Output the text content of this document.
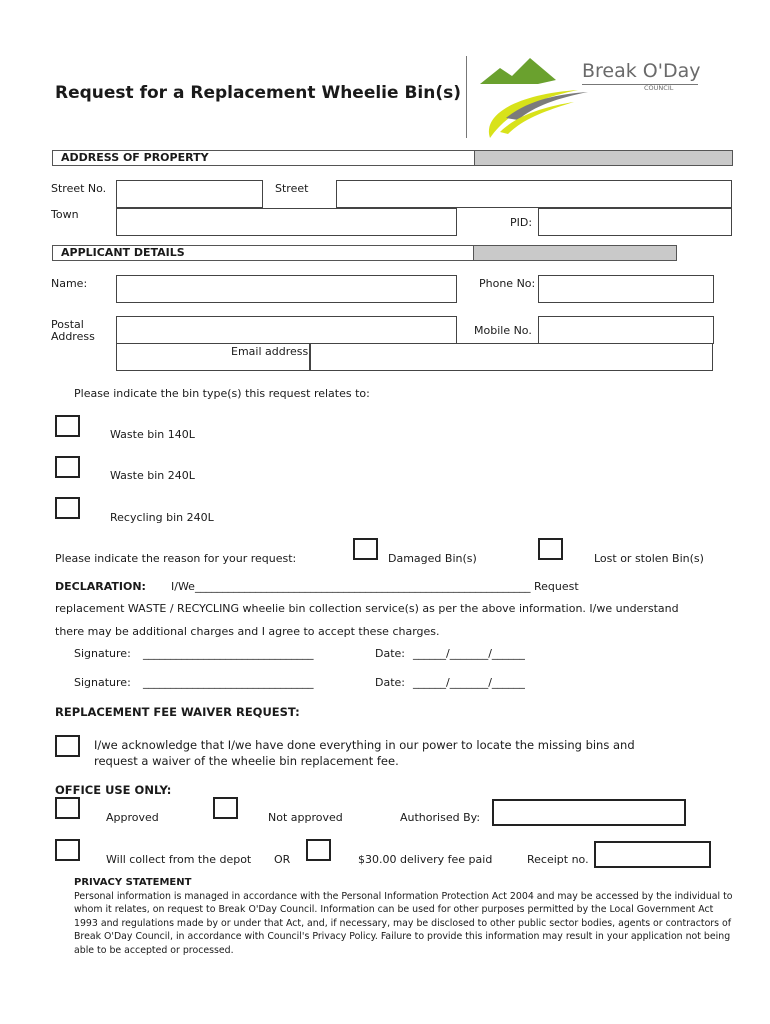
Request for a Replacement Wheelie Bin(s)
Break O'Day
COUNCIL
ADDRESS OF PROPERTY
Street No.	Street
Town
PID:
APPLICANT DETAILS
Name:	Phone No:
Postal
Address	Mobile No.
Email address
Please indicate the bin type(s) this request relates to:
Waste bin 140L
Waste bin 240L
Recycling bin 240L
Please indicate the reason for your request:	Damaged Bin(s)	Lost or stolen Bin(s)
DECLARATION: I/We_____________________________________________________________ Request
replacement WASTE / RECYCLING wheelie bin collection service(s) as per the above information. I/we understand
there may be additional charges and I agree to accept these charges.
Signature: _______________________________	Date: ______/_______/______
Signature: _______________________________	Date: ______/_______/______
REPLACEMENT FEE WAIVER REQUEST:
I/we acknowledge that I/we have done everything in our power to locate the missing bins and
request a waiver of the wheelie bin replacement fee.
OFFICE USE ONLY:
Approved	Not approved	Authorised By:
Will collect from the depot OR	$30.00 delivery fee paid	Receipt no.
PRIVACY STATEMENT
Personal information is managed in accordance with the Personal Information Protection Act 2004 and may be accessed by the individual to whom it relates, on request to Break O'Day Council. Information can be used for other purposes permitted by the Local Government Act 1993 and regulations made by or under that Act, and, if necessary, may be disclosed to other public sector bodies, agents or contractors of Break O'Day Council, in accordance with Council's Privacy Policy. Failure to provide this information may result in your application not being able to be accepted or processed.
